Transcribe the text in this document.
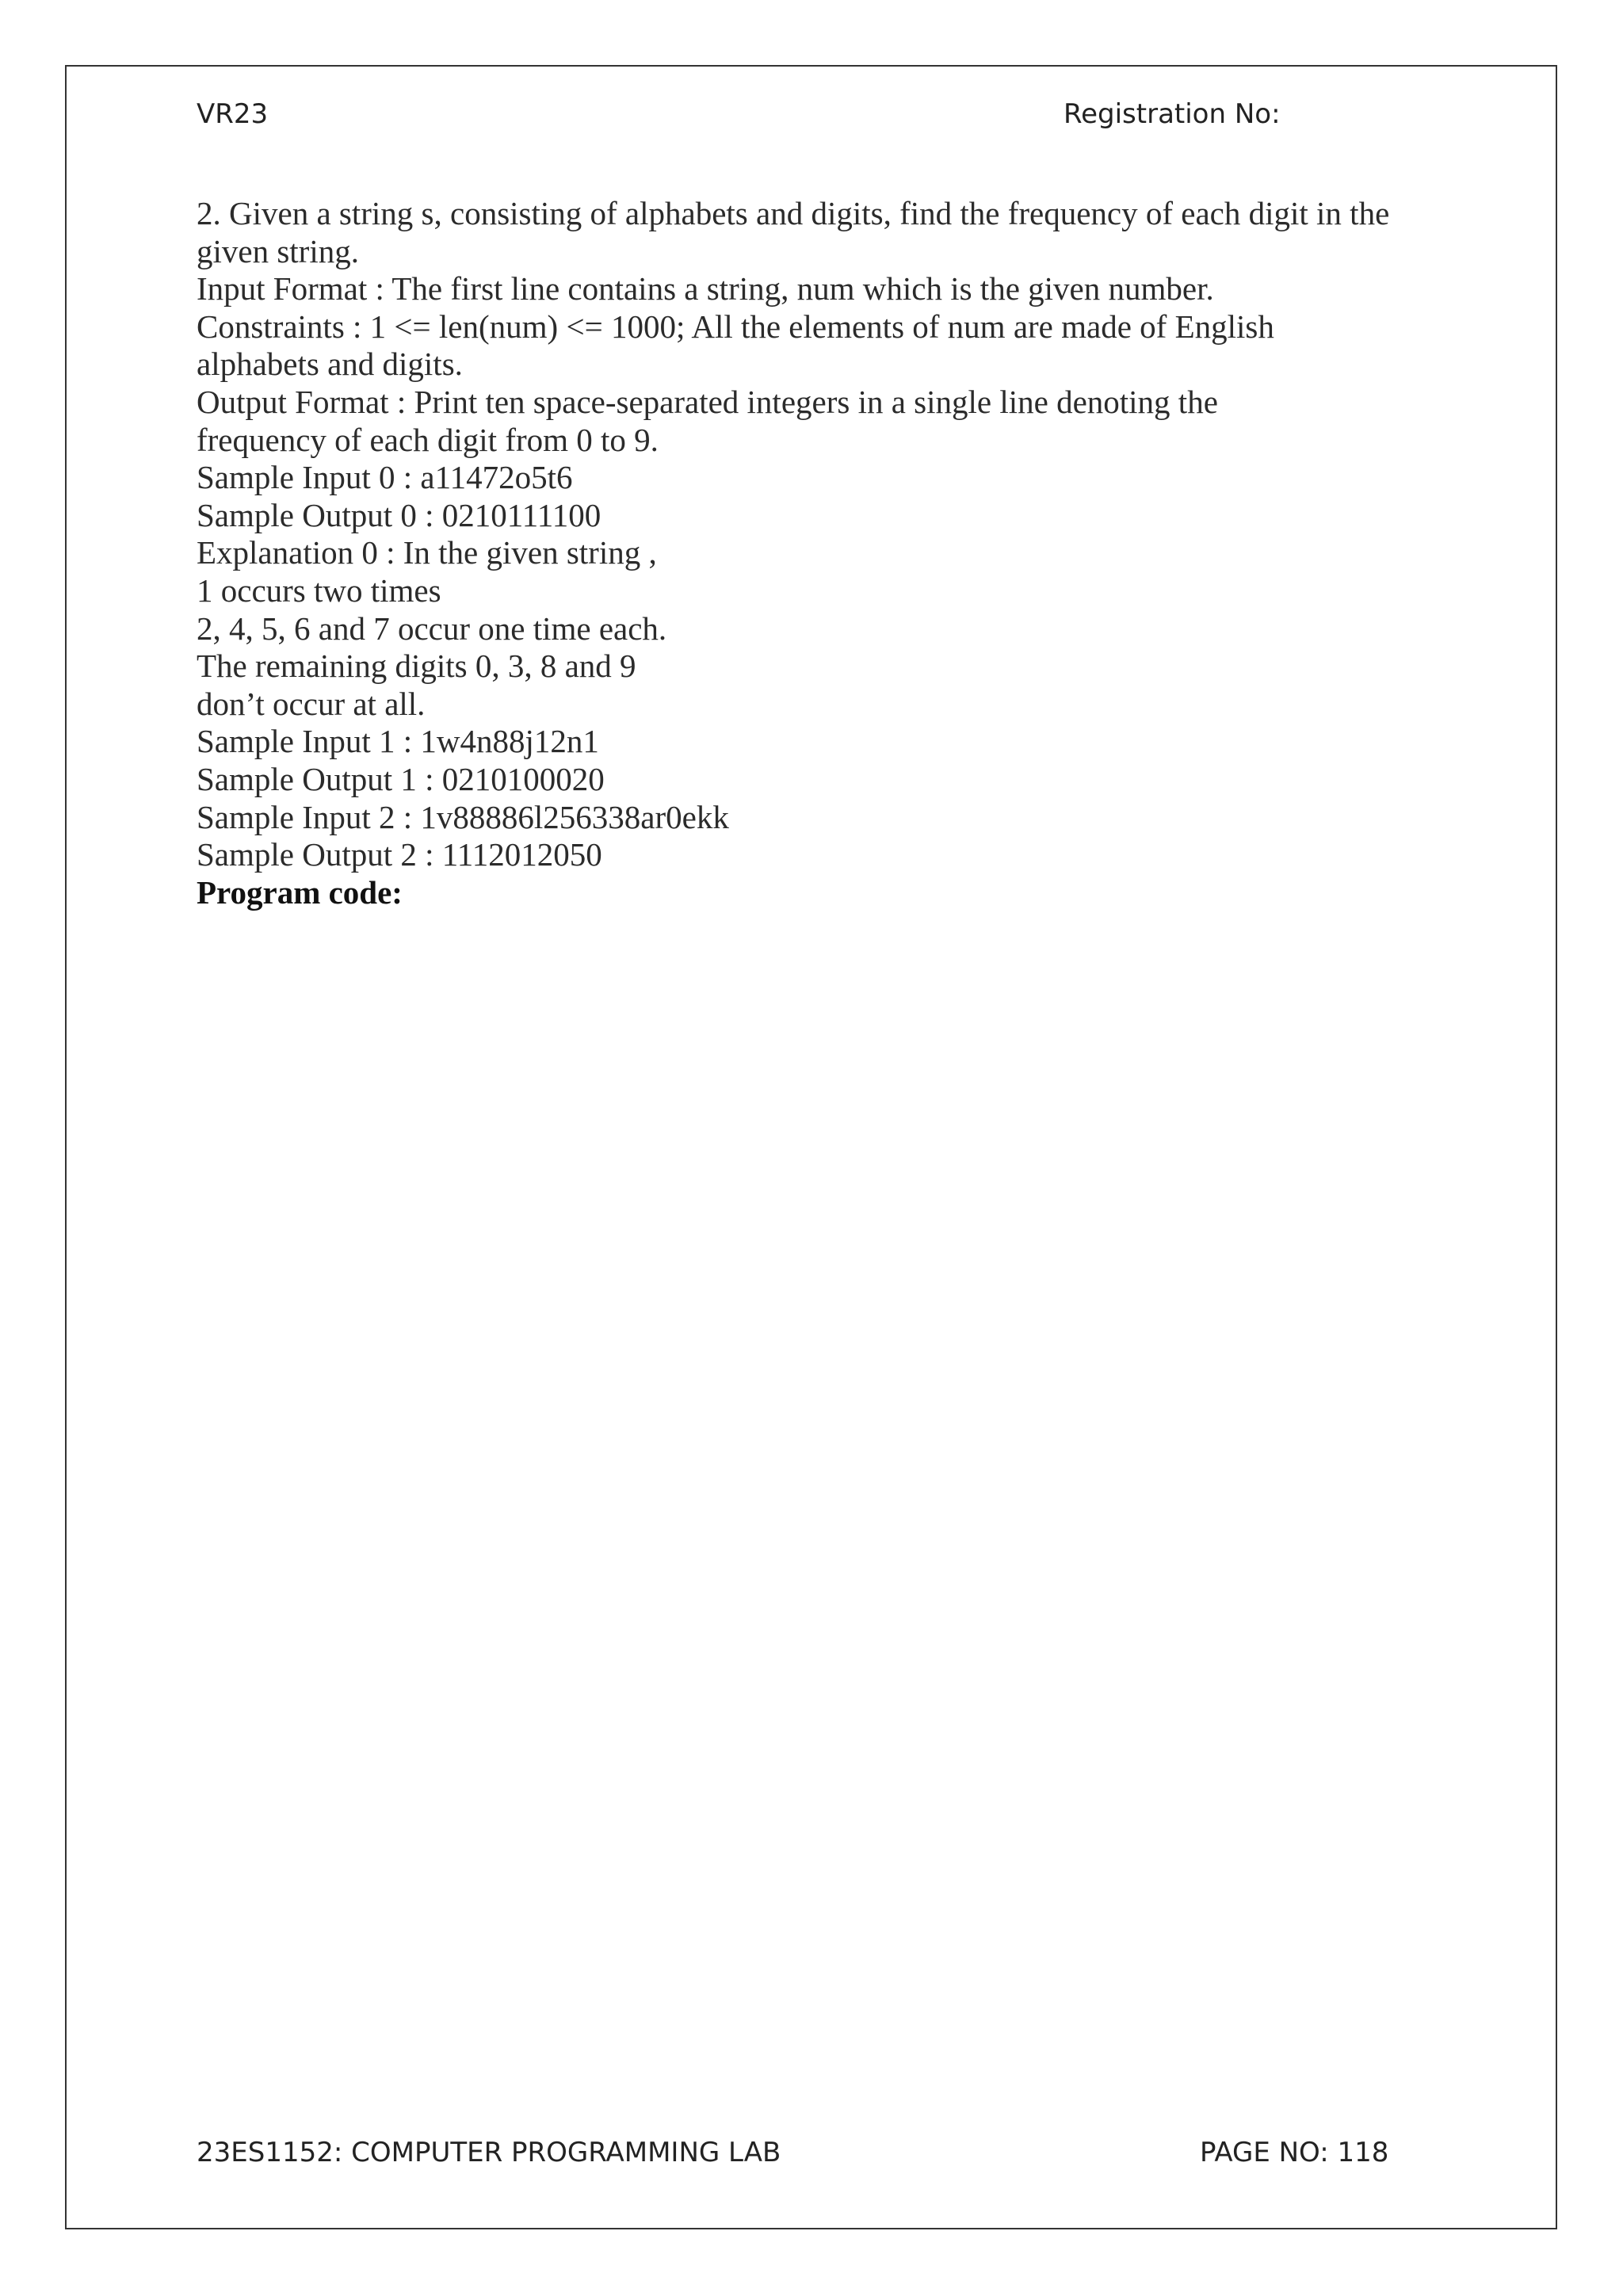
VR23	Registration No:

2. Given a string s, consisting of alphabets and digits, find the frequency of each digit in the

given string.

Input Format : The first line contains a string, num which is the given number.

Constraints : 1 <= len(num) <= 1000; All the elements of num are made of English

alphabets and digits.

Output Format : Print ten space-separated integers in a single line denoting the

frequency of each digit from 0 to 9.

Sample Input 0 : a11472o5t6

Sample Output 0 : 0210111100

Explanation 0 : In the given string ,

1 occurs two times

2, 4, 5, 6 and 7 occur one time each.

The remaining digits 0, 3, 8 and 9

don’t occur at all.

Sample Input 1 : 1w4n88j12n1

Sample Output 1 : 0210100020

Sample Input 2 : 1v88886l256338ar0ekk

Sample Output 2 : 1112012050

Program code:

23ES1152: COMPUTER PROGRAMMING LAB	PAGE NO: 118
